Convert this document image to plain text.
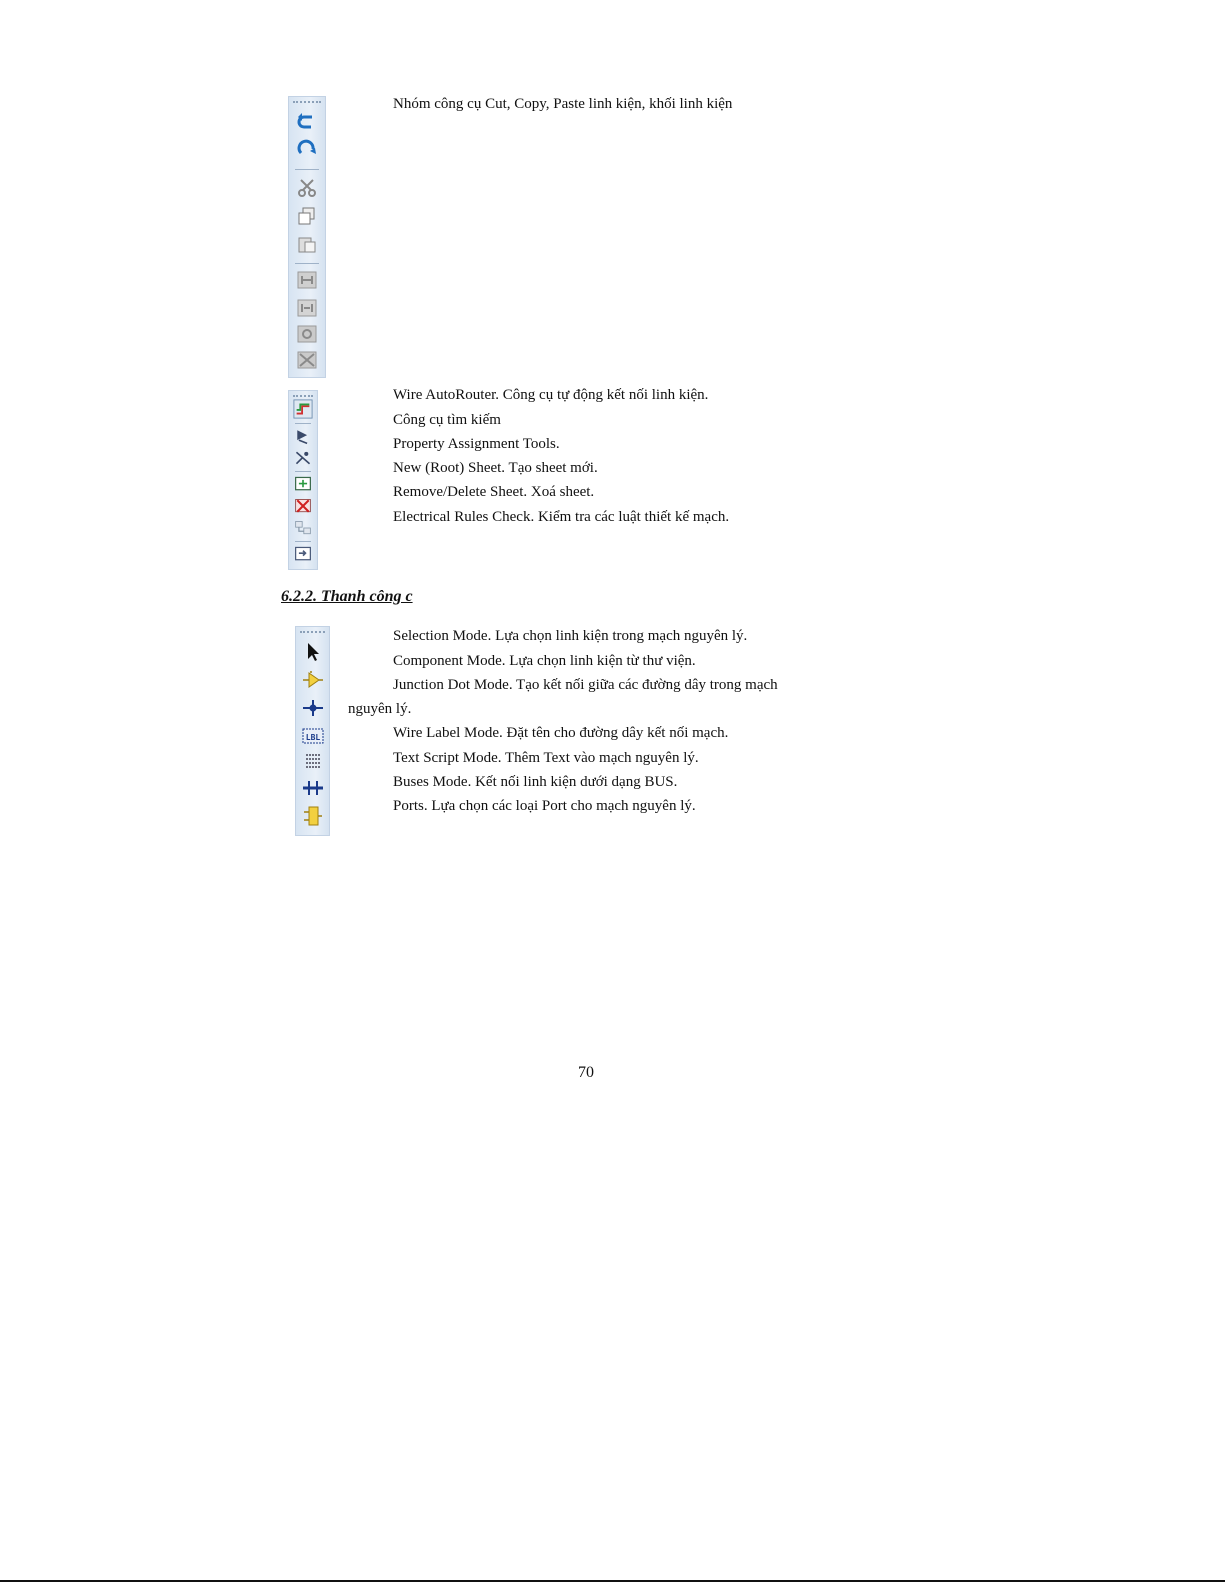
Nhóm công cụ Cut, Copy, Paste linh kiện, khối linh kiện
Wire AutoRouter. Công cụ tự động kết nối linh kiện.
Công cụ tìm kiếm
Property Assignment Tools.
New (Root) Sheet. Tạo sheet mới.
Remove/Delete Sheet. Xoá sheet.
Electrical Rules Check. Kiểm tra các luật thiết kế mạch.
6.2.2. Thanh công c
LBL
Selection Mode. Lựa chọn linh kiện trong mạch nguyên lý.
Component Mode. Lựa chọn linh kiện từ thư viện.
Junction Dot Mode. Tạo kết nối giữa các đường dây trong mạch
nguyên lý.
Wire Label Mode. Đặt tên cho đường dây kết nối mạch.
Text Script Mode. Thêm Text vào mạch nguyên lý.
Buses Mode. Kết nối linh kiện dưới dạng BUS.
Ports. Lựa chọn các loại Port cho mạch nguyên lý.
70
